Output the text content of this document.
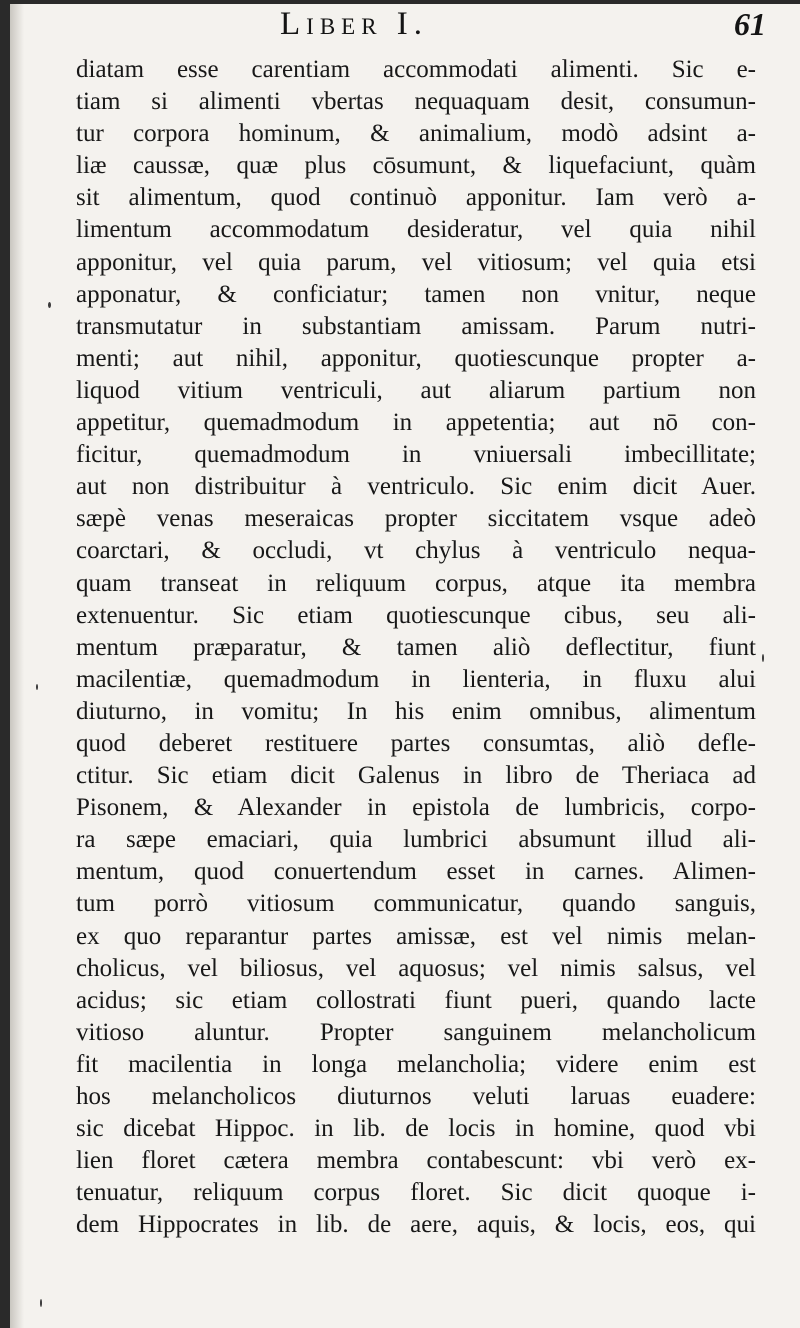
Liber I.	61
diatam esse carentiam accommodati alimenti. Sic e-
tiam si alimenti vbertas nequaquam desit, consumun-
tur corpora hominum, & animalium, modò adsint a-
liæ caussæ, quæ plus cōsumunt, & liquefaciunt, quàm
sit alimentum, quod continuò apponitur. Iam verò a-
limentum accommodatum desideratur, vel quia nihil
apponitur, vel quia parum, vel vitiosum; vel quia etsi
apponatur, & conficiatur; tamen non vnitur, neque
transmutatur in substantiam amissam. Parum nutri-
menti; aut nihil, apponitur, quotiescunque propter a-
liquod vitium ventriculi, aut aliarum partium non
appetitur, quemadmodum in appetentia; aut nō con-
ficitur, quemadmodum in vniuersali imbecillitate;
aut non distribuitur à ventriculo. Sic enim dicit Auer.
sæpè venas meseraicas propter siccitatem vsque adeò
coarctari, & occludi, vt chylus à ventriculo nequa-
quam transeat in reliquum corpus, atque ita membra
extenuentur. Sic etiam quotiescunque cibus, seu ali-
mentum præparatur, & tamen aliò deflectitur, fiunt
macilentiæ, quemadmodum in lienteria, in fluxu alui
diuturno, in vomitu; In his enim omnibus, alimentum
quod deberet restituere partes consumtas, aliò defle-
ctitur. Sic etiam dicit Galenus in libro de Theriaca ad
Pisonem, & Alexander in epistola de lumbricis, corpo-
ra sæpe emaciari, quia lumbrici absumunt illud ali-
mentum, quod conuertendum esset in carnes. Alimen-
tum porrò vitiosum communicatur, quando sanguis,
ex quo reparantur partes amissæ, est vel nimis melan-
cholicus, vel biliosus, vel aquosus; vel nimis salsus, vel
acidus; sic etiam collostrati fiunt pueri, quando lacte
vitioso aluntur. Propter sanguinem melancholicum
fit macilentia in longa melancholia; videre enim est
hos melancholicos diuturnos veluti laruas euadere:
sic dicebat Hippoc. in lib. de locis in homine, quod vbi
lien floret cætera membra contabescunt: vbi verò ex-
tenuatur, reliquum corpus floret. Sic dicit quoque i-
dem Hippocrates in lib. de aere, aquis, & locis, eos, qui
